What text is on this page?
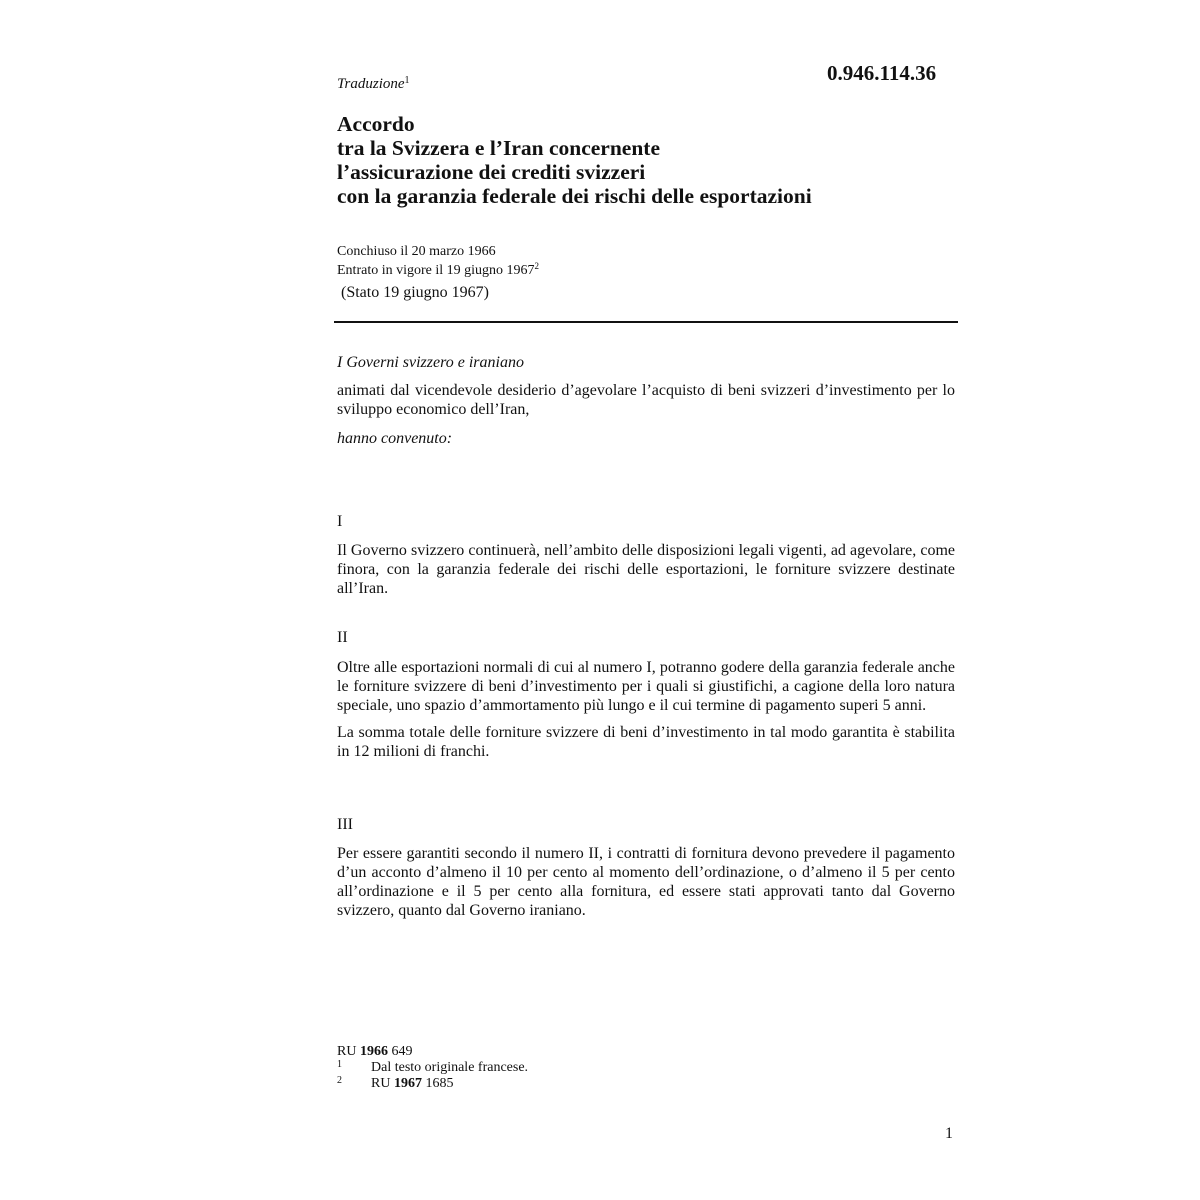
Traduzione$^1$	0.946.114.36
Accordo
tra la Svizzera e l’Iran concernente
l’assicurazione dei crediti svizzeri
con la garanzia federale dei rischi delle esportazioni
Conchiuso il 20 marzo 1966
Entrato in vigore il 19 giugno 1967$^2$
(Stato 19 giugno 1967)
I Governi svizzero e iraniano
animati dal vicendevole desiderio d’agevolare l’acquisto di beni svizzeri d’investimento per lo sviluppo economico dell’Iran,
hanno convenuto:
I

Il Governo svizzero continuerà, nell’ambito delle disposizioni legali vigenti, ad agevolare, come finora, con la garanzia federale dei rischi delle esportazioni, le forniture svizzere destinate all’Iran.

II

Oltre alle esportazioni normali di cui al numero I, potranno godere della garanzia federale anche le forniture svizzere di beni d’investimento per i quali si giustifichi, a cagione della loro natura speciale, uno spazio d’ammortamento più lungo e il cui termine di pagamento superi 5 anni.

La somma totale delle forniture svizzere di beni d’investimento in tal modo garantita è stabilita in 12 milioni di franchi.

III

Per essere garantiti secondo il numero II, i contratti di fornitura devono prevedere il pagamento d’un acconto d’almeno il 10 per cento al momento dell’ordinazione, o d’almeno il 5 per cento all’ordinazione e il 5 per cento alla fornitura, ed essere stati approvati tanto dal Governo svizzero, quanto dal Governo iraniano.

RU 1966 649
1 Dal testo originale francese.
2 RU 1967 1685
1
